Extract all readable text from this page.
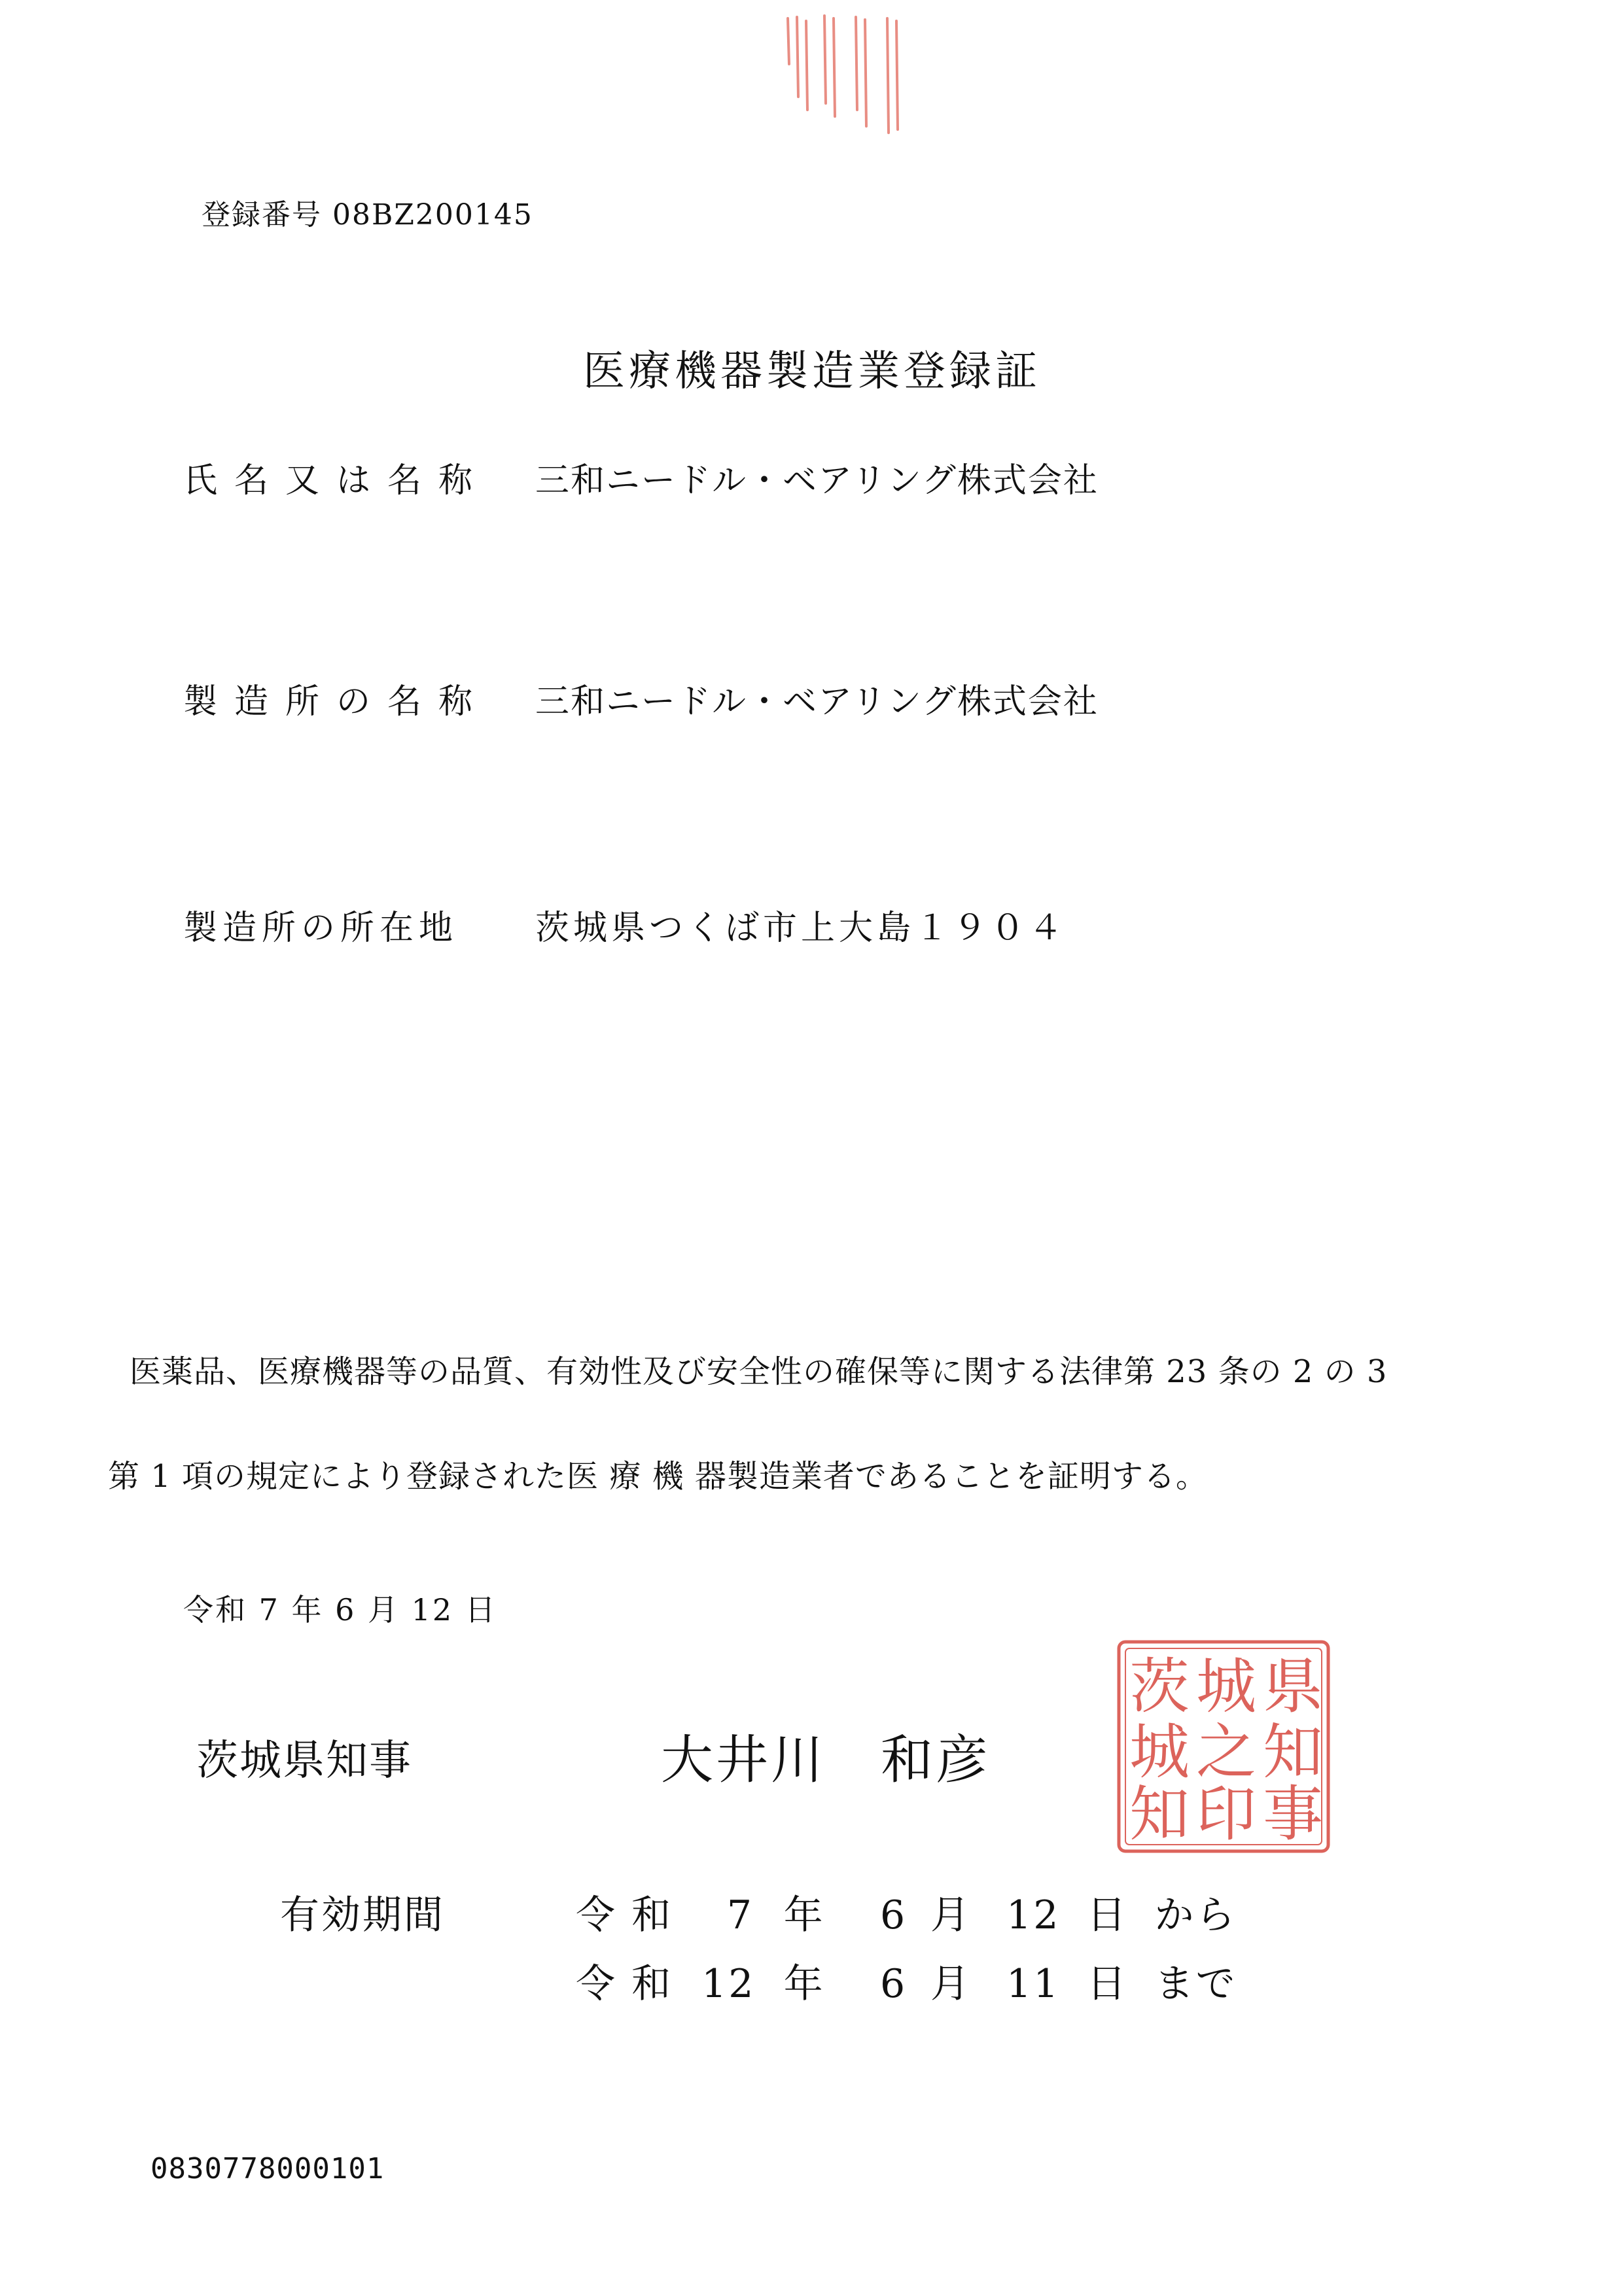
登録番号 08BZ200145
医療機器製造業登録証
氏名又は名称 三和ニードル・ベアリング株式会社
製造所の名称 三和ニードル・ベアリング株式会社
製造所の所在地 茨城県つくば市上大島１９０４
医薬品、医療機器等の品質、有効性及び安全性の確保等に関する法律第 23 条の 2 の 3
第 1 項の規定により登録された医 療 機 器製造業者であることを証明する。
令和 7 年 6 月 12 日
茨城県知事	大井川　和彦
県
知
事
城
之
印
茨
城
知
有効期間	令 和 7 年 6 月 12 日 から
令 和 12 年 6 月 11 日 まで
0830778000101
